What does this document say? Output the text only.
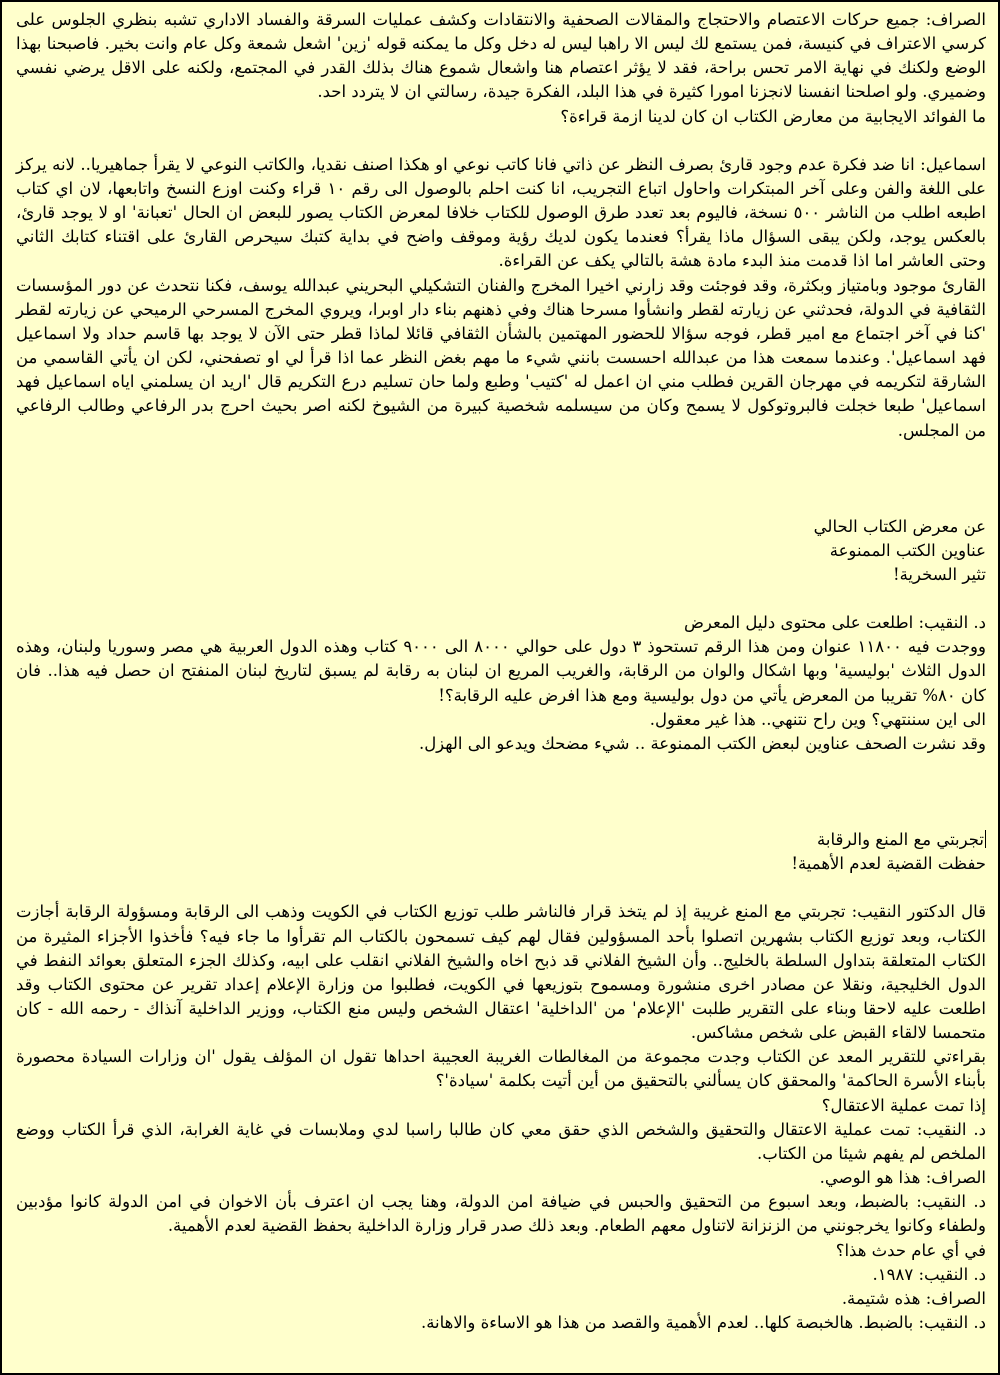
الصراف: جميع حركات الاعتصام والاحتجاج والمقالات الصحفية والانتقادات وكشف عمليات السرقة والفساد الاداري تشبه بنظري الجلوس على كرسي الاعتراف في كنيسة، فمن يستمع لك ليس الا راهبا ليس له دخل وكل ما يمكنه قوله 'زين' اشعل شمعة وكل عام وانت بخير. فاصبحنا بهذا الوضع ولكنك في نهاية الامر تحس براحة، فقد لا يؤثر اعتصام هنا واشعال شموع هناك بذلك القدر في المجتمع، ولكنه على الاقل يرضي نفسي وضميري. ولو اصلحنا انفسنا لانجزنا امورا كثيرة في هذا البلد، الفكرة جيدة، رسالتي ان لا يتردد احد.

ما الفوائد الايجابية من معارض الكتاب ان كان لدينا ازمة قراءة؟

اسماعيل: انا ضد فكرة عدم وجود قارئ بصرف النظر عن ذاتي فانا كاتب نوعي او هكذا اصنف نقديا، والكاتب النوعي لا يقرأ جماهيريا.. لانه يركز على اللغة والفن وعلى آخر المبتكرات واحاول اتباع التجريب، انا كنت احلم بالوصول الى رقم ١٠ قراء وكنت اوزع النسخ واتابعها، لان اي كتاب اطبعه اطلب من الناشر ٥٠٠ نسخة، فاليوم بعد تعدد طرق الوصول للكتاب خلافا لمعرض الكتاب يصور للبعض ان الحال 'تعبانة' او لا يوجد قارئ، بالعكس يوجد، ولكن يبقى السؤال ماذا يقرأ؟ فعندما يكون لديك رؤية وموقف واضح في بداية كتبك سيحرص القارئ على اقتناء كتابك الثاني وحتى العاشر اما اذا قدمت منذ البدء مادة هشة بالتالي يكف عن القراءة.

القارئ موجود وبامتياز وبكثرة، وقد فوجئت وقد زارني اخيرا المخرج والفنان التشكيلي البحريني عبدالله يوسف، فكنا نتحدث عن دور المؤسسات الثقافية في الدولة، فحدثني عن زيارته لقطر وانشأوا مسرحا هناك وفي ذهنهم بناء دار اوبرا، ويروي المخرج المسرحي الرميحي عن زيارته لقطر 'كنا في آخر اجتماع مع امير قطر، فوجه سؤالا للحضور المهتمين بالشأن الثقافي قائلا لماذا قطر حتى الآن لا يوجد بها قاسم حداد ولا اسماعيل فهد اسماعيل'. وعندما سمعت هذا من عبدالله احسست بانني شيء ما مهم بغض النظر عما اذا قرأ لي او تصفحني، لكن ان يأتي القاسمي من الشارقة لتكريمه في مهرجان القرين فطلب مني ان اعمل له 'كتيب' وطبع ولما حان تسليم درع التكريم قال 'اريد ان يسلمني اياه اسماعيل فهد اسماعيل' طبعا خجلت فالبروتوكول لا يسمح وكان من سيسلمه شخصية كبيرة من الشيوخ لكنه اصر بحيث احرج بدر الرفاعي وطالب الرفاعي من المجلس.

عن معرض الكتاب الحالي

عناوين الكتب الممنوعة

تثير السخرية!

د. النقيب: اطلعت على محتوى دليل المعرض

ووجدت فيه ١١٨٠٠ عنوان ومن هذا الرقم تستحوذ ٣ دول على حوالي ٨٠٠٠ الى ٩٠٠٠ كتاب وهذه الدول العربية هي مصر وسوريا ولبنان، وهذه الدول الثلاث 'بوليسية' وبها اشكال والوان من الرقابة، والغريب المريع ان لبنان به رقابة لم يسبق لتاريخ لبنان المنفتح ان حصل فيه هذا.. فان كان ٨٠% تقريبا من المعرض يأتي من دول بوليسية ومع هذا افرض عليه الرقابة؟!

الى اين سننتهي؟ وين راح نتنهي.. هذا غير معقول.

وقد نشرت الصحف عناوين لبعض الكتب الممنوعة .. شيء مضحك ويدعو الى الهزل.

تجربتي مع المنع والرقابة

حفظت القضية لعدم الأهمية!

قال الدكتور النقيب: تجربتي مع المنع غريبة إذ لم يتخذ قرار فالناشر طلب توزيع الكتاب في الكويت وذهب الى الرقابة ومسؤولة الرقابة أجازت الكتاب، وبعد توزيع الكتاب بشهرين اتصلوا بأحد المسؤولين فقال لهم كيف تسمحون بالكتاب الم تقرأوا ما جاء فيه؟ فأخذوا الأجزاء المثيرة من الكتاب المتعلقة بتداول السلطة بالخليج.. وأن الشيخ الفلاني قد ذبح اخاه والشيخ الفلاني انقلب على ابيه، وكذلك الجزء المتعلق بعوائد النفط في الدول الخليجية، ونقلا عن مصادر اخرى منشورة ومسموح بتوزيعها في الكويت، فطلبوا من وزارة الإعلام إعداد تقرير عن محتوى الكتاب وقد اطلعت عليه لاحقا وبناء على التقرير طلبت 'الإعلام' من 'الداخلية' اعتقال الشخص وليس منع الكتاب، ووزير الداخلية آنذاك - رحمه الله - كان متحمسا لالقاء القبض على شخص مشاكس.

بقراءتي للتقرير المعد عن الكتاب وجدت مجموعة من المغالطات الغريبة العجيبة احداها تقول ان المؤلف يقول 'ان وزارات السيادة محصورة بأبناء الأسرة الحاكمة' والمحقق كان يسألني بالتحقيق من أين أتيت بكلمة 'سيادة'؟

إذا تمت عملية الاعتقال؟

د. النقيب: تمت عملية الاعتقال والتحقيق والشخص الذي حقق معي كان طالبا راسبا لدي وملابسات في غاية الغرابة، الذي قرأ الكتاب ووضع الملخص لم يفهم شيئا من الكتاب.

الصراف: هذا هو الوصي.

د. النقيب: بالضبط، وبعد اسبوع من التحقيق والحبس في ضيافة امن الدولة، وهنا يجب ان اعترف بأن الاخوان في امن الدولة كانوا مؤدبين ولطفاء وكانوا يخرجونني من الزنزانة لاتناول معهم الطعام. وبعد ذلك صدر قرار وزارة الداخلية بحفظ القضية لعدم الأهمية.

في أي عام حدث هذا؟

د. النقيب: ١٩٨٧.

الصراف: هذه شتيمة.

د. النقيب: بالضبط. هالخبصة كلها.. لعدم الأهمية والقصد من هذا هو الاساءة والاهانة.
